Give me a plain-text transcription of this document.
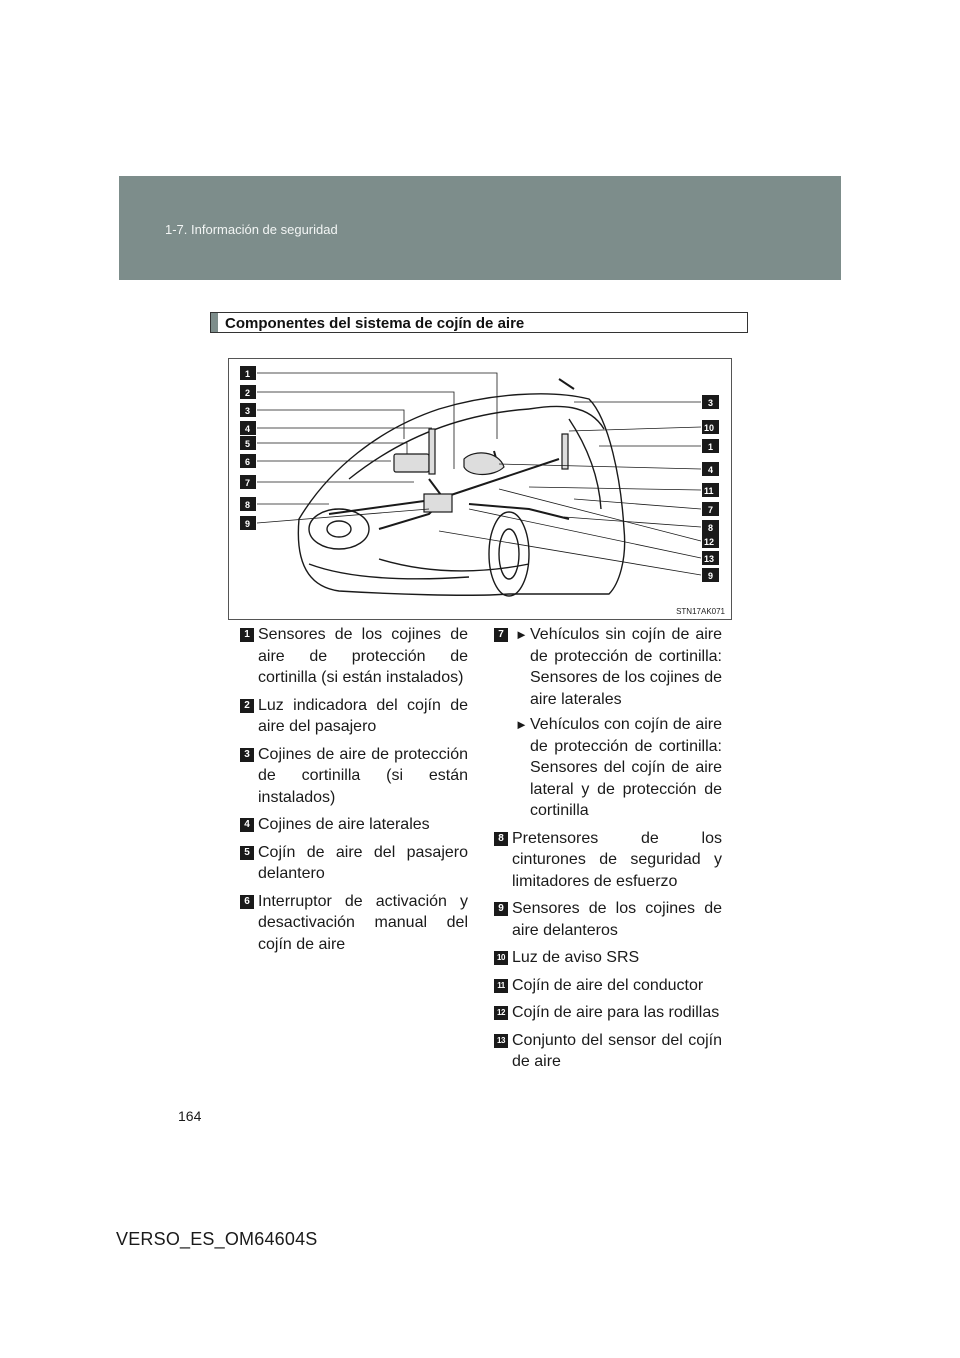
1-7. Información de seguridad
Componentes del sistema de cojín de aire
1
2
3
4
5
6
7
8
9
3
10
1
4
11
7
8
12
13
9
STN17AK071
1 Sensores de los cojines de aire de protección de cortinilla (si están instalados)
2 Luz indicadora del cojín de aire del pasajero
3 Cojines de aire de protección de cortinilla (si están instalados)
4 Cojines de aire laterales
5 Cojín de aire del pasajero delantero
6 Interruptor de activación y desactivación manual del cojín de aire
7 ► Vehículos sin cojín de aire de protección de cortinilla: Sensores de los cojines de aire laterales
► Vehículos con cojín de aire de protección de cortinilla: Sensores del cojín de aire lateral y de protección de cortinilla
8 Pretensores de los cinturones de seguridad y limitadores de esfuerzo
9 Sensores de los cojines de aire delanteros
10 Luz de aviso SRS
11 Cojín de aire del conductor
12 Cojín de aire para las rodillas
13 Conjunto del sensor del cojín de aire
164
VERSO_ES_OM64604S
